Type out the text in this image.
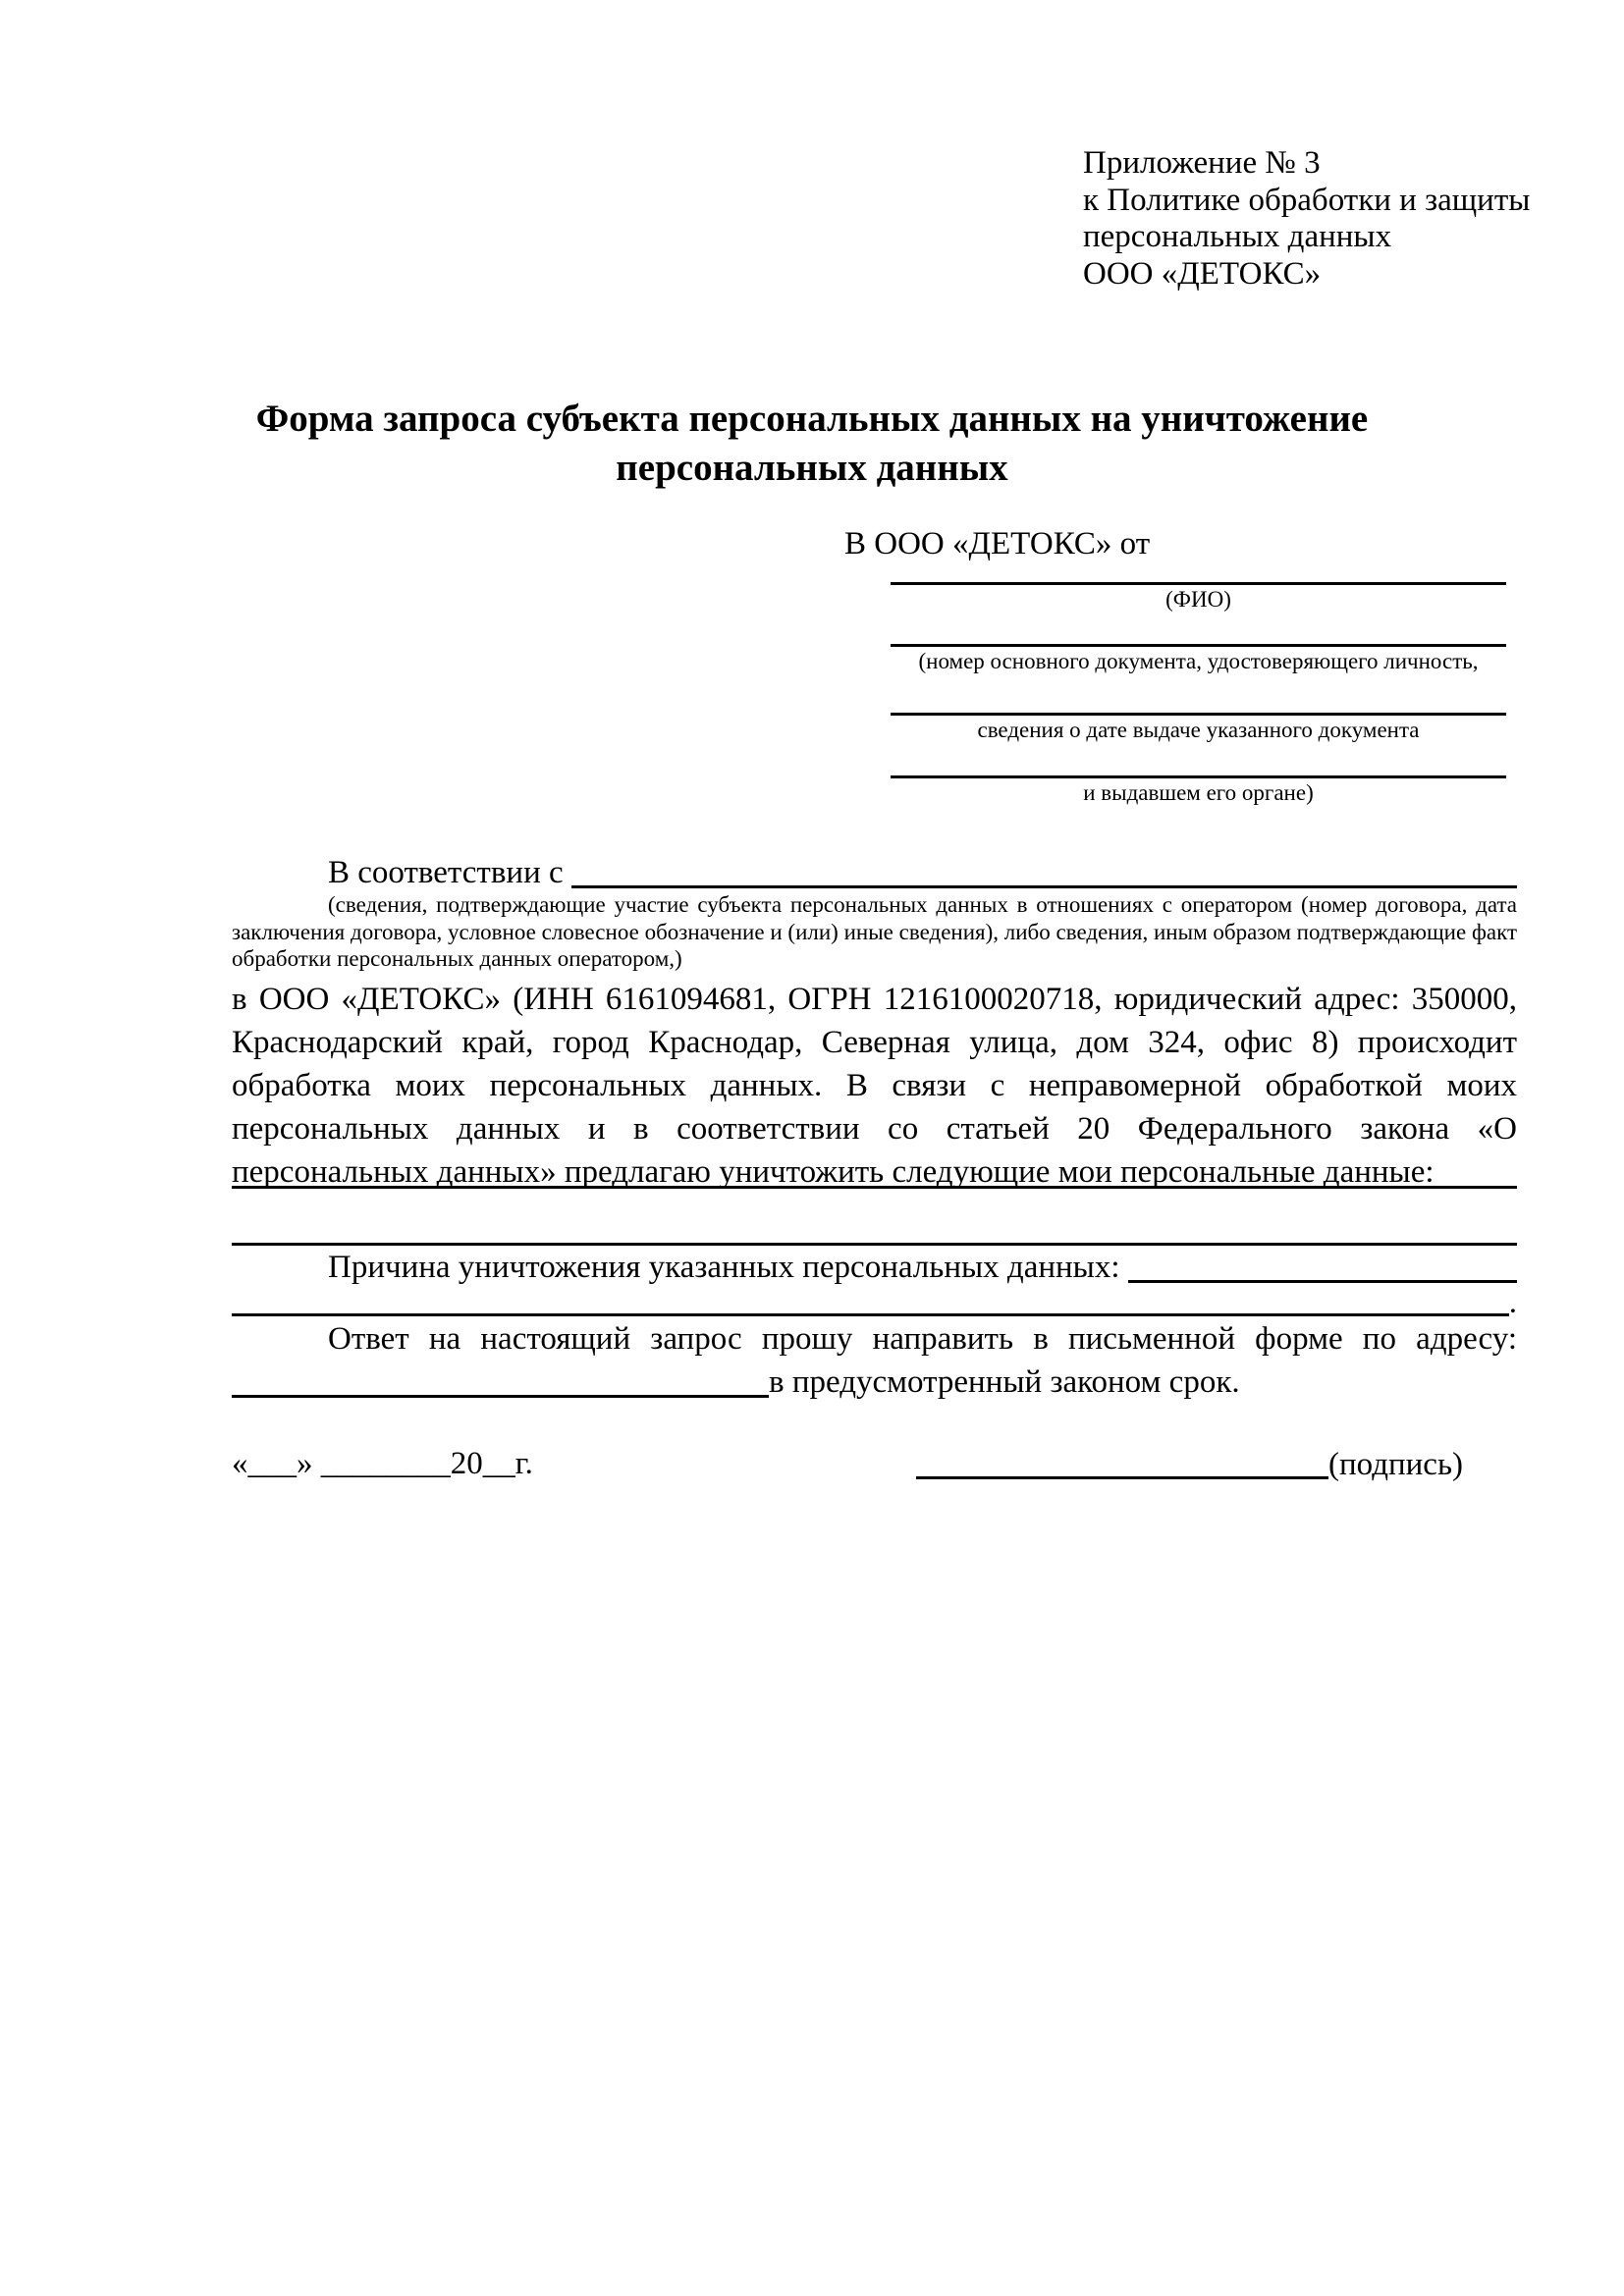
Приложение № 3
к Политике обработки и защиты
персональных данных
ООО «ДЕТОКС»
Форма запроса субъекта персональных данных на уничтожение
персональных данных
В ООО «ДЕТОКС» от
(ФИО)
(номер основного документа, удостоверяющего личность,
сведения о дате выдаче указанного документа
и выдавшем его органе)
В соответствии с
(сведения, подтверждающие участие субъекта персональных данных в отношениях с оператором (номер договора, дата
заключения договора, условное словесное обозначение и (или) иные сведения), либо сведения, иным образом подтверждающие факт
обработки персональных данных оператором,)
в ООО «ДЕТОКС» (ИНН 6161094681, ОГРН 1216100020718, юридический адрес: 350000,
Краснодарский край, город Краснодар, Северная улица, дом 324, офис 8) происходит
обработка моих персональных данных. В связи с неправомерной обработкой моих
персональных данных и в соответствии со статьей 20 Федерального закона «О
персональных данных» предлагаю уничтожить следующие мои персональные данные:
Причина уничтожения указанных персональных данных:
.
Ответ на настоящий запрос прошу направить в письменной форме по адресу:
в предусмотренный законом срок.
«___» ________20__г.	(подпись)
